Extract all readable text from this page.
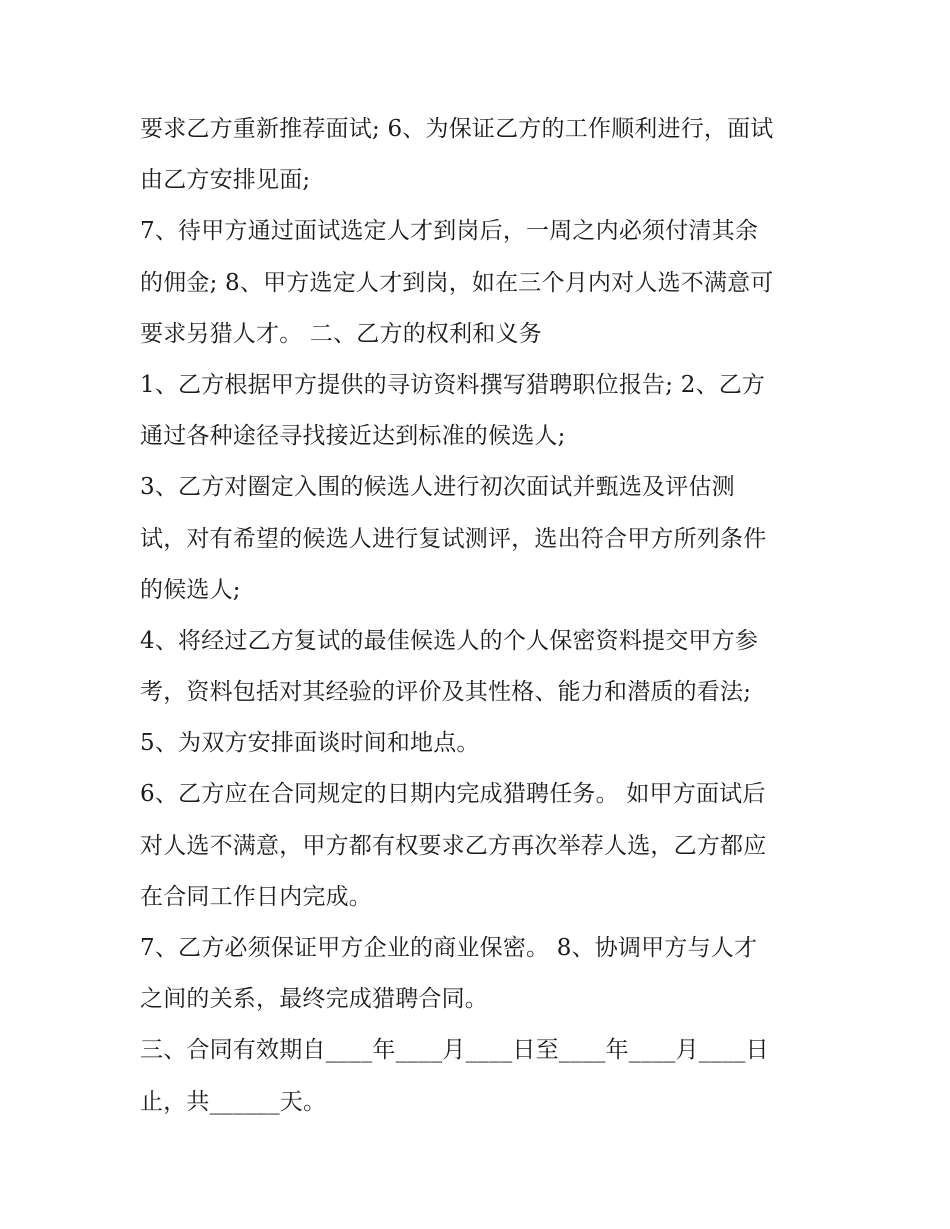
要求乙方重新推荐面试; 6、为保证乙方的工作顺利进行，面试
由乙方安排见面;
7、待甲方通过面试选定人才到岗后，一周之内必须付清其余
的佣金; 8、甲方选定人才到岗，如在三个月内对人选不满意可
要求另猎人才。 二、乙方的权利和义务
1、乙方根据甲方提供的寻访资料撰写猎聘职位报告; 2、乙方
通过各种途径寻找接近达到标准的候选人;
3、乙方对圈定入围的候选人进行初次面试并甄选及评估测
试，对有希望的候选人进行复试测评，选出符合甲方所列条件
的候选人;
4、将经过乙方复试的最佳候选人的个人保密资料提交甲方参
考，资料包括对其经验的评价及其性格、能力和潜质的看法;
5、为双方安排面谈时间和地点。
6、乙方应在合同规定的日期内完成猎聘任务。 如甲方面试后
对人选不满意，甲方都有权要求乙方再次举荐人选，乙方都应
在合同工作日内完成。
7、乙方必须保证甲方企业的商业保密。 8、协调甲方与人才
之间的关系，最终完成猎聘合同。
三、合同有效期自____年____月____日至____年____月____日
止，共______天。
